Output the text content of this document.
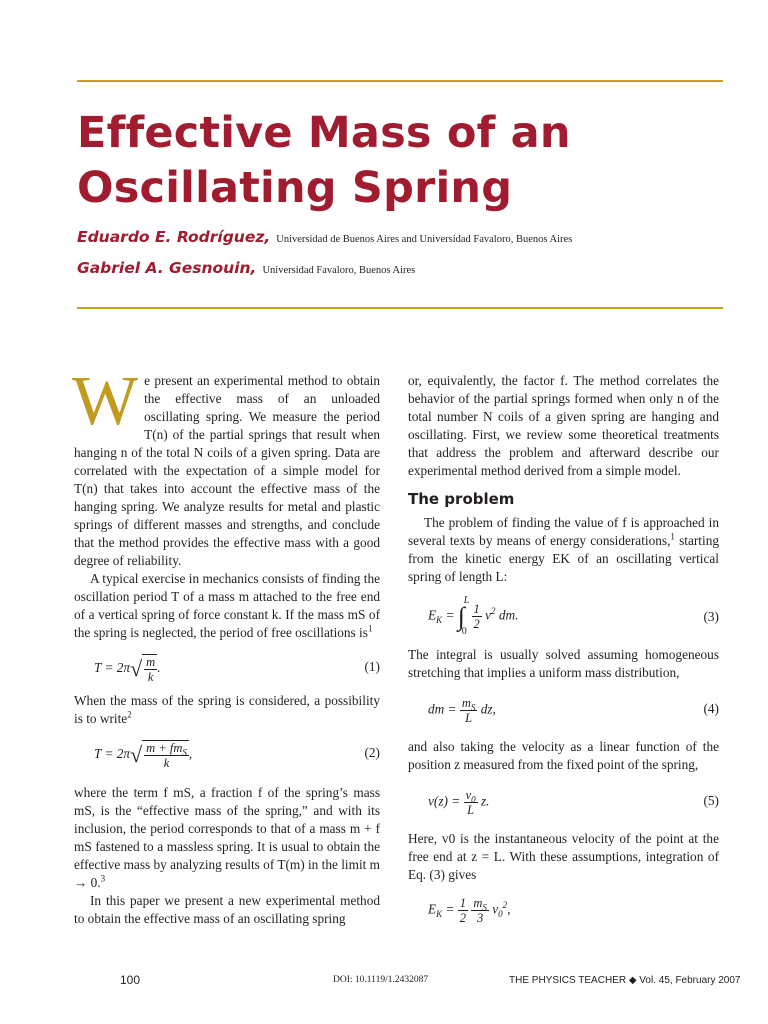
Effective Mass of an
Oscillating Spring
Eduardo E. Rodríguez, Universidad de Buenos Aires and Universidad Favaloro, Buenos Aires
Gabriel A. Gesnouin, Universidad Favaloro, Buenos Aires

We present an experimental method to obtain the effective mass of an unloaded oscillating spring. We measure the period T(n) of the partial springs that result when hanging n of the total N coils of a given spring. Data are correlated with the expectation of a simple model for T(n) that takes into account the effective mass of the hanging spring. We analyze results for metal and plastic springs of different masses and strengths, and conclude that the method provides the effective mass with a good degree of reliability.

A typical exercise in mechanics consists of finding the oscillation period T of a mass m attached to the free end of a vertical spring of force constant k. If the mass mS of the spring is neglected, the period of free oscillations $is^1$

$T = 2\pi√ \frac{m}{k}$ .	(1)

When the mass of the spring is considered, a possibility is to write$^2$

$T = 2\pi√ \frac{m + fm_S}{k}$ ,	(2)

where the term f mS, a fraction f of the spring’s mass mS, is the “effective mass of the spring,” and with its inclusion, the period corresponds to that of a mass m + f mS fastened to a massless spring. It is usual to obtain the effective mass by analyzing results of T(m) in the limit m → 0.$^3$

In this paper we present a new experimental method to obtain the effective mass of an oscillating spring

or, equivalently, the factor f. The method correlates the behavior of the partial springs formed when only n of the total number N coils of a given spring are hanging and oscillating. First, we review some theoretical treatments that address the problem and afterward describe our experimental method derived from a simple model.

The problem

The problem of finding the value of f is approached in several texts by means of energy considerations,$^1$ starting from the kinetic energy EK of an oscillating vertical spring of length L:

$E_K$ = ∫
L
0
$\frac{1}{2} v^2$ dm.	(3)

The integral is usually solved assuming homogeneous stretching that implies a uniform mass distribution,

dm = $\frac{m_S}{L}$ dz,	(4)

and also taking the velocity as a linear function of the position z measured from the fixed point of the spring,

$v(z) = \frac{v_0}{L} z$.	(5)

Here, v0 is the instantaneous velocity of the point at the free end at z = L. With these assumptions, integration of Eq. (3) gives

$E_K = \frac{1}{2}$
$\frac{m_S}{3} v_0^2$,
100	DOI: 10.1119/1.2432087	THE PHYSICS TEACHER ◆ Vol. 45, February 2007
